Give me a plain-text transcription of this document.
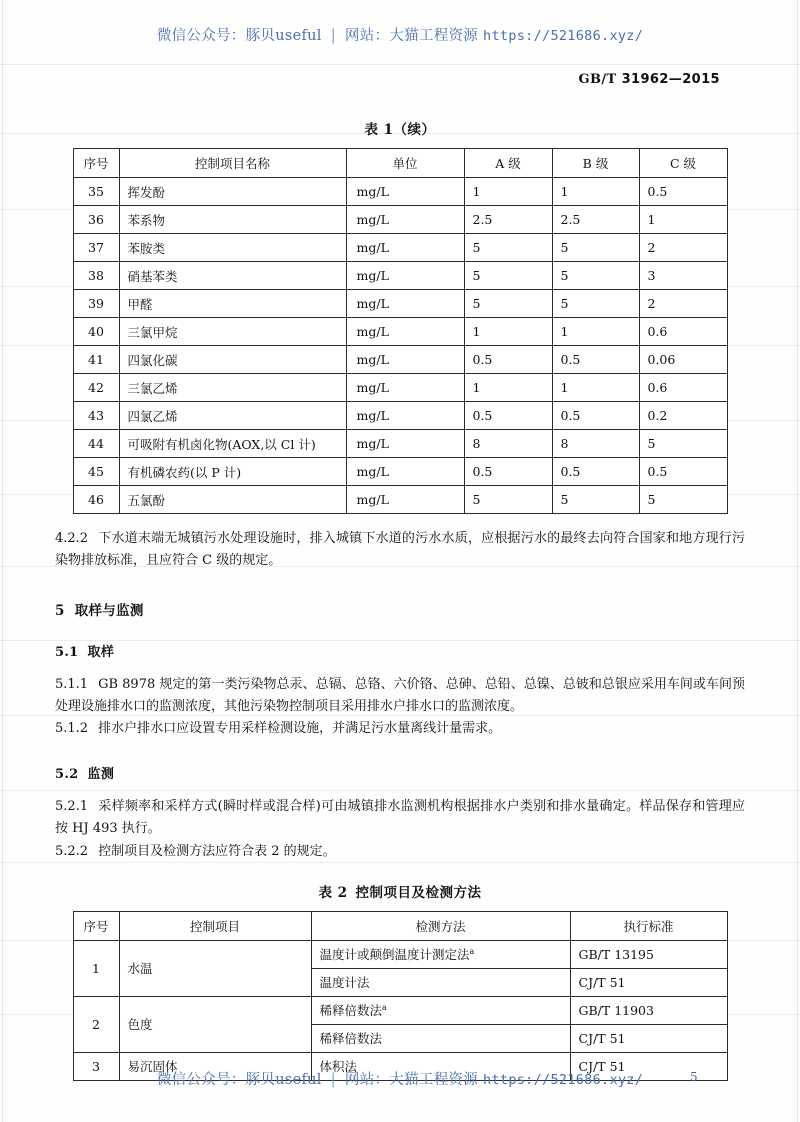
微信公众号：豚贝useful | 网站：大猫工程资源 https://521686.xyz/
GB/T 31962—2015
表 1（续）
序号	控制项目名称	单位	A 级	B 级	C 级
35	挥发酚	mg/L	1	1	0.5
36	苯系物	mg/L	2.5	2.5	1
37	苯胺类	mg/L	5	5	2
38	硝基苯类	mg/L	5	5	3
39	甲醛	mg/L	5	5	2
40	三氯甲烷	mg/L	1	1	0.6
41	四氯化碳	mg/L	0.5	0.5	0.06
42	三氯乙烯	mg/L	1	1	0.6
43	四氯乙烯	mg/L	0.5	0.5	0.2
44	可吸附有机卤化物(AOX,以 Cl 计)	mg/L	8	8	5
45	有机磷农药(以 P 计)	mg/L	0.5	0.5	0.5
46	五氯酚	mg/L	5	5	5

4.2.2 下水道末端无城镇污水处理设施时，排入城镇下水道的污水水质，应根据污水的最终去向符合国家和地方现行污染物排放标准，且应符合 C 级的规定。

5 取样与监测
5.1 取样

5.1.1 GB 8978 规定的第一类污染物总汞、总镉、总铬、六价铬、总砷、总铅、总镍、总铍和总银应采用车间或车间预处理设施排水口的监测浓度，其他污染物控制项目采用排水户排水口的监测浓度。

5.1.2 排水户排水口应设置专用采样检测设施，并满足污水量离线计量需求。

5.2 监测

5.2.1 采样频率和采样方式(瞬时样或混合样)可由城镇排水监测机构根据排水户类别和排水量确定。样品保存和管理应按 HJ 493 执行。

5.2.2 控制项目及检测方法应符合表 2 的规定。

表 2 控制项目及检测方法
序号	控制项目	检测方法	执行标准
1	水温	温度计或颠倒温度计测定法$^a$	GB/T 13195
		温度计法	CJ/T 51
2	色度	稀释倍数法$^a$	GB/T 11903
		稀释倍数法	CJ/T 51
3	易沉固体	体积法	CJ/T 51
微信公众号：豚贝useful | 网站：大猫工程资源 https://521686.xyz/	5
